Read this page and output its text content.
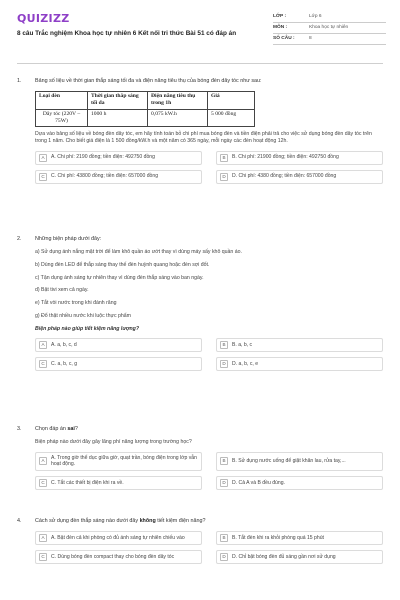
QUIZIZZ
8 câu Trắc nghiệm Khoa học tự nhiên 6 Kết nối tri thức Bài 51 có đáp án
LỚP :	Lớp 6
MÔN :	Khoa học tự nhiên
SỐ CÂU :	8
1.	Bảng số liệu về thời gian thắp sáng tối đa và điện năng tiêu thụ của bóng đèn dây tóc như sau:
Loại đèn	Thời gian thắp sáng tối đa	Điện năng tiêu thụ trong 1h	Giá
Dây tóc (220V – 75W)	1000 h	0,075 kW.h	5 000 đồng
Dựa vào bảng số liệu về bóng đèn dây tóc, em hãy tính toán bỏ chi phí mua bóng đèn và tiền điện phải trả cho việc sử dụng bóng đèn dây tóc trên trong 1 năm. Cho biết giá điện là 1 500 đồng/kW.h và một năm có 365 ngày, mỗi ngày các đèn hoạt động 12h.
A	A. Chi phí: 2190 đồng; tiền điện: 492750 đồng	B	B. Chi phí: 21900 đồng; tiền điện: 492750 đồng
C	C. Chi phí: 43800 đồng; tiền điện: 657000 đồng	D	D. Chi phí: 4380 đồng; tiền điện: 657000 đồng
2.	Những biện pháp dưới đây:
a) Sử dụng ánh nắng mặt trời để làm khô quần áo ướt thay vì dùng máy sấy khô quần áo.
b) Dùng đèn LED để thắp sáng thay thế đèn huỳnh quang hoặc đèn sợi đốt.
c) Tận dụng ánh sáng tự nhiên thay vì dùng đèn thắp sáng vào ban ngày.
d) Bật tivi xem cả ngày.
e) Tắt vòi nước trong khi đánh răng
g) Đổ thật nhiều nước khi luộc thực phẩm
Biện pháp nào giúp tiết kiệm năng lượng?
A	A. a, b, c, d	B	B. a, b, c
C	C. a, b, c, g	D	D. a, b, c, e
3.	Chọn đáp án sai?
Biện pháp nào dưới đây gây lãng phí năng lượng trong trường học?
A
A. Trong giờ thể dục giữa giờ, quạt trần, bóng điện trong lớp vẫn hoạt động.
B	B. Sử dụng nước uống để giặt khăn lau, rửa tay,...
C	C. Tắt các thiết bị điện khi ra về.	D	D. Cả A và B đều đúng.
4.	Cách sử dụng đèn thắp sáng nào dưới đây không tiết kiệm điện năng?
A	A. Bật đèn cả khi phòng có đủ ánh sáng tự nhiên chiếu vào	B	B. Tắt đèn khi ra khỏi phòng quá 15 phút
C	C. Dùng bóng đèn compact thay cho bóng đèn dây tóc	D	D. Chỉ bật bóng đèn đủ sáng gần nơi sử dụng
